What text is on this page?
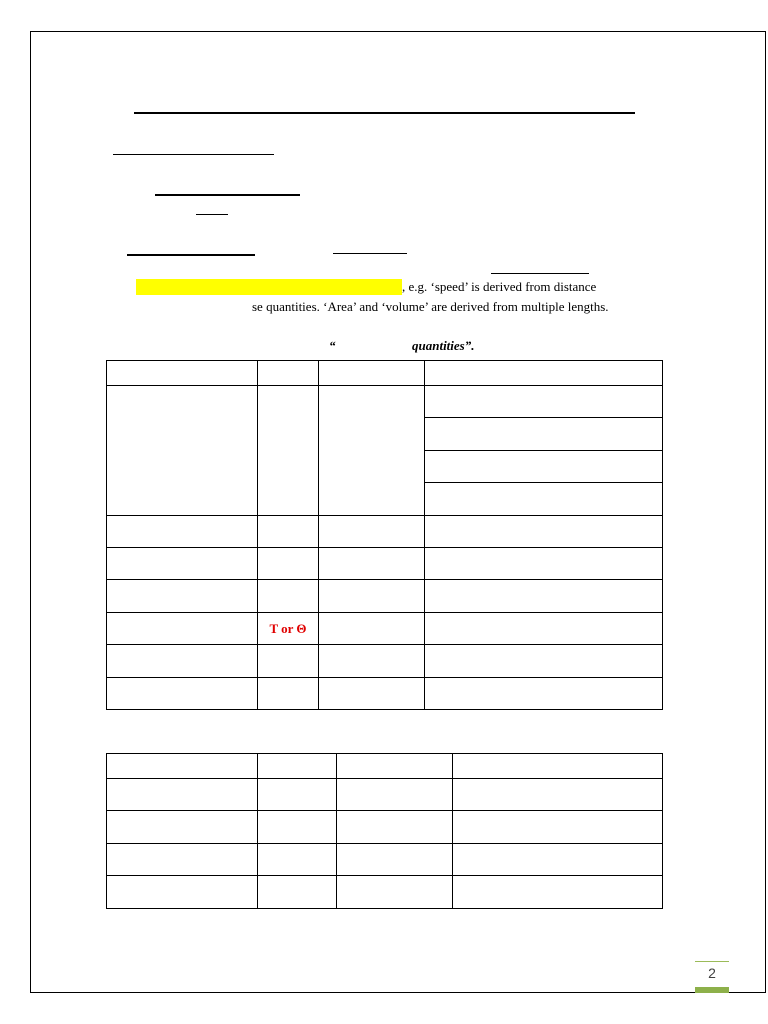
, e.g. ‘speed’ is derived from distance
se quantities. ‘Area’ and ‘volume’ are derived from multiple lengths.
“	quantities”.

	T or Θ		

2
